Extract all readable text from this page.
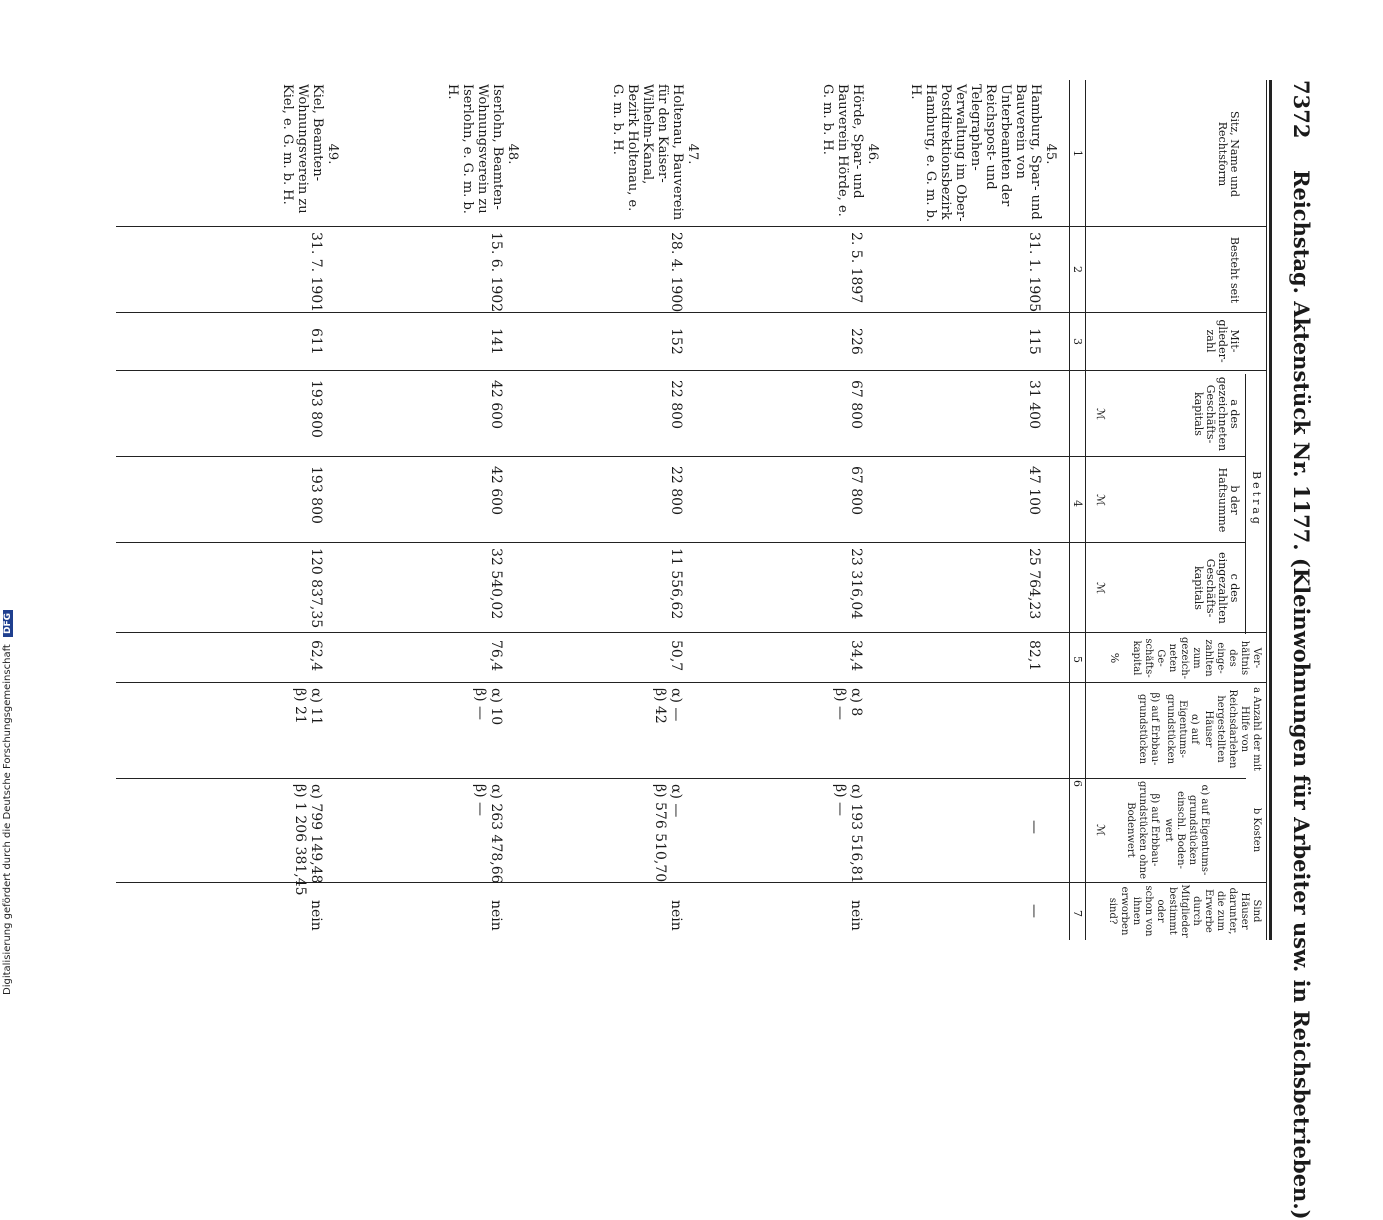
7372
Reichstag. Aktenstück Nr. 1177. (Kleinwohnungen für Arbeiter usw. in Reichsbetrieben.)
Sitz, Name und Rechtsform
Besteht seit
Mit-glieder-zahl
Betrag
a des gezeichneten Geschäfts-kapitals
b der Haftsumme
c des eingezahlten Geschäfts-kapitals
Ver-hältnis des einge-zahlten zum gezeich-neten Ge-schäfts-kapital
a Anzahl der mit Hilfe von Reichsdarlehen hergestellten Häuser
α) auf Eigentums-grundstücken
β) auf Erbbau-grundstücken
b Kosten
α) auf Eigentums-grundstücken einschl. Boden-wert
β) auf Erbbau-grundstücken ohne Bodenwert
Sind Häuser darunter, die zum Erwerbe durch Mitglieder bestimmt oder schon von ihnen erworben sind?
ℳ
ℳ
ℳ
%
ℳ
1
2
3
4
5
6
7
45.
Hamburg, Spar- und Bauverein von Unterbeamten der Reichspost- und Telegraphen-Verwaltung im Ober-Postdirektionsbezirk Hamburg, e. G. m. b. H.
31. 1. 1905
115
31 400
47 100
25 764,23
82,1
—
—
46.
Hörde, Spar- und Bauverein Hörde, e. G. m. b. H.
2. 5. 1897
226
67 800
67 800
23 316,04
34,4
α) 8
β) —
α) 193 516,81
β) —
nein
47.
Holtenau, Bauverein für den Kaiser-Wilhelm-Kanal, Bezirk Holtenau, e. G. m. b. H.
28. 4. 1900
152
22 800
22 800
11 556,62
50,7
α) —
β) 42
α) —
β) 576 510,70
nein
48.
Iserlohn, Beamten-Wohnungsverein zu Iserlohn, e. G. m. b. H.
15. 6. 1902
141
42 600
42 600
32 540,02
76,4
α) 10
β) —
α) 263 478,66
β) —
nein
49.
Kiel, Beamten-Wohnungsverein zu Kiel, e. G. m. b. H.
31. 7. 1901
611
193 800
193 800
120 837,35
62,4
α) 11
β) 21
α) 799 149,48
β) 1 206 381,45
nein
Digitalisierung gefördert durch die Deutsche Forschungsgemeinschaft DFG
